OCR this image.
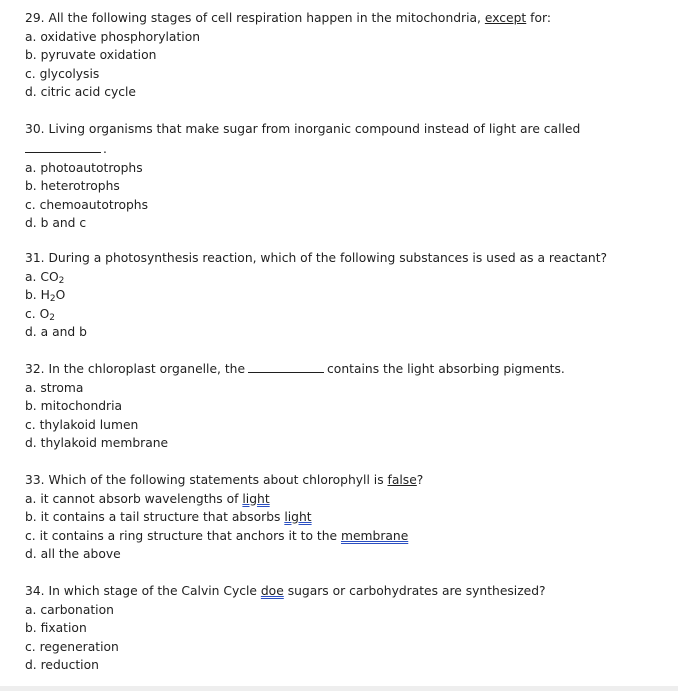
29. All the following stages of cell respiration happen in the mitochondria, except for:
a. oxidative phosphorylation
b. pyruvate oxidation
c. glycolysis
d. citric acid cycle
30. Living organisms that make sugar from inorganic compound instead of light are called
.
a. photoautotrophs
b. heterotrophs
c. chemoautotrophs
d. b and c
31. During a photosynthesis reaction, which of the following substances is used as a reactant?
a. $CO_2$
b. $H_2O$
c. $O_2$
d. a and b
32. In the chloroplast organelle, the	contains the light absorbing pigments.
a. stroma
b. mitochondria
c. thylakoid lumen
d. thylakoid membrane
33. Which of the following statements about chlorophyll is false?
a. it cannot absorb wavelengths of light
b. it contains a tail structure that absorbs light
c. it contains a ring structure that anchors it to the membrane
d. all the above
34. In which stage of the Calvin Cycle doe sugars or carbohydrates are synthesized?
a. carbonation
b. fixation
c. regeneration
d. reduction
